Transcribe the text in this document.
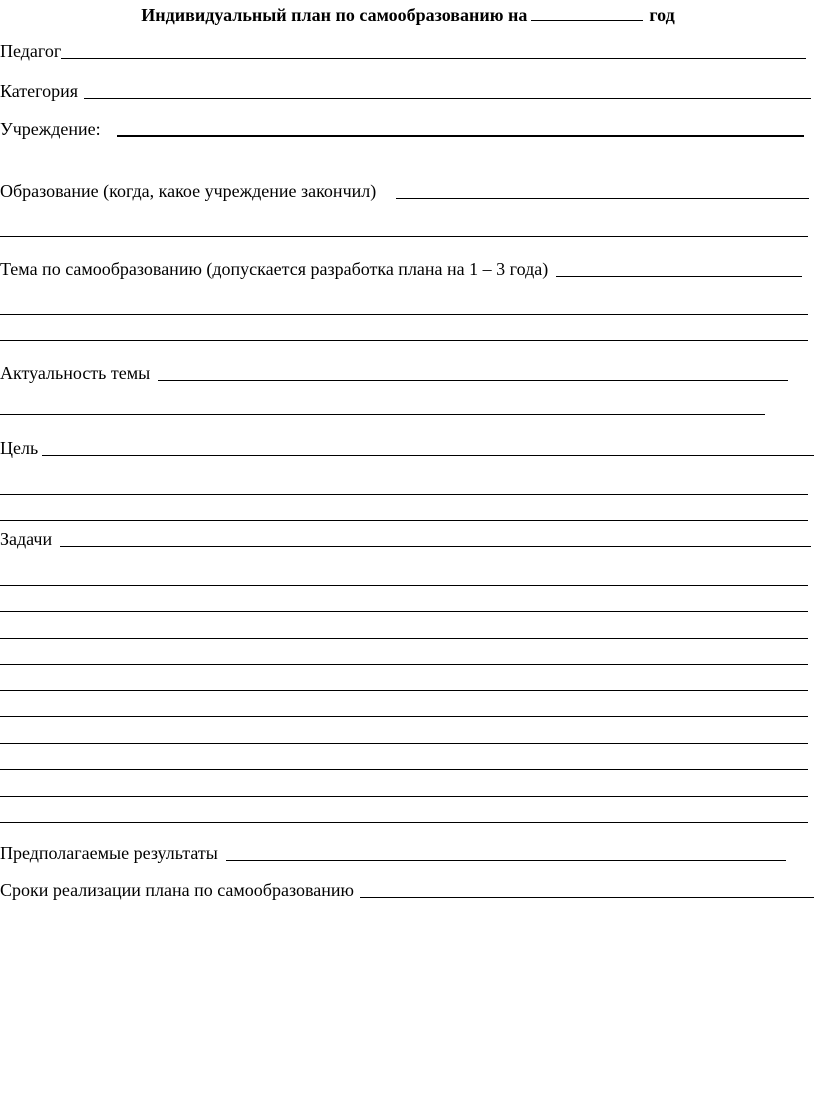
Индивидуальный план по самообразованию на	год
Педагог
Категория
Учреждение:
Образование (когда, какое учреждение закончил)
Тема по самообразованию (допускается разработка плана на 1 – 3 года)
Актуальность темы
Цель
Задачи
Предполагаемые результаты
Сроки реализации плана по самообразованию
